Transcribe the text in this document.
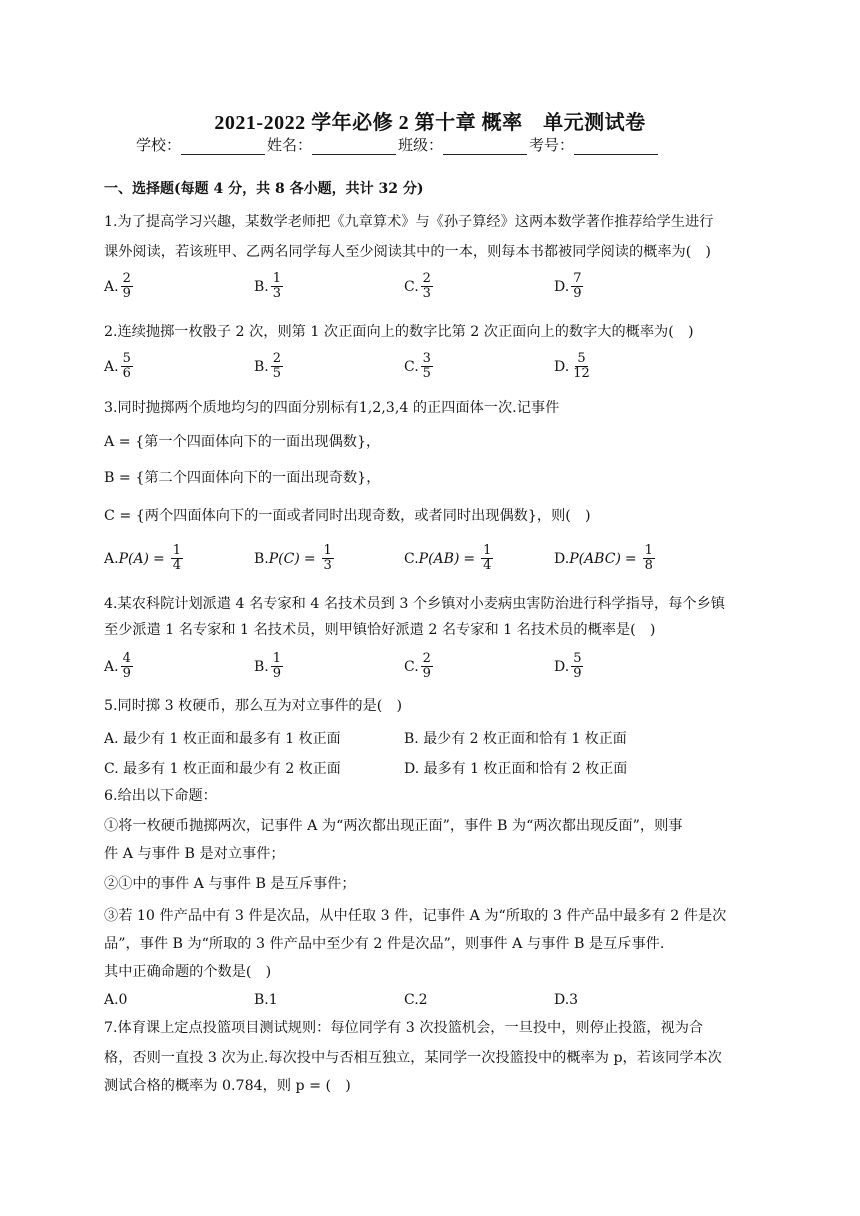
2021-2022 学年必修 2 第十章 概率　单元测试卷
学校：	姓名：	班级：	考号：
一、选择题(每题 4 分，共 8 各小题，共计 32 分)
1.为了提高学习兴趣，某数学老师把《九章算术》与《孙子算经》这两本数学著作推荐给学生进行
课外阅读，若该班甲、乙两名同学每人至少阅读其中的一本，则每本书都被同学阅读的概率为(　)
A. $\frac{2}{9}$	B. $\frac{1}{3}$	C. $\frac{2}{3}$	D. $\frac{7}{9}$
2.连续抛掷一枚骰子 2 次，则第 1 次正面向上的数字比第 2 次正面向上的数字大的概率为(　)
A. $\frac{5}{6}$	B. $\frac{2}{5}$	C. $\frac{3}{5}$	D. $\frac{5}{12}$
3.同时抛掷两个质地均匀的四面分别标有1,2,3,4 的正四面体一次.记事件
A = {第一个四面体向下的一面出现偶数}，
B = {第二个四面体向下的一面出现奇数}，
C = {两个四面体向下的一面或者同时出现奇数，或者同时出现偶数}，则(　)
A. $P(A) = \frac{1}{4}$	B. $P(C) = \frac{1}{3}$	C. $P(AB) = \frac{1}{4}$	D. $P(ABC) = \frac{1}{8}$
4.某农科院计划派遣 4 名专家和 4 名技术员到 3 个乡镇对小麦病虫害防治进行科学指导，每个乡镇
至少派遣 1 名专家和 1 名技术员，则甲镇恰好派遣 2 名专家和 1 名技术员的概率是(　)
A. $\frac{4}{9}$	B. $\frac{1}{9}$	C. $\frac{2}{9}$	D. $\frac{5}{9}$
5.同时掷 3 枚硬币，那么互为对立事件的是(　)
A. 最少有 1 枚正面和最多有 1 枚正面	B. 最少有 2 枚正面和恰有 1 枚正面
C. 最多有 1 枚正面和最少有 2 枚正面	D. 最多有 1 枚正面和恰有 2 枚正面
6.给出以下命题：
①将一枚硬币抛掷两次，记事件 A 为“两次都出现正面”，事件 B 为“两次都出现反面”，则事
件 A 与事件 B 是对立事件；
②①中的事件 A 与事件 B 是互斥事件；
③若 10 件产品中有 3 件是次品，从中任取 3 件，记事件 A 为“所取的 3 件产品中最多有 2 件是次
品”，事件 B 为“所取的 3 件产品中至少有 2 件是次品”，则事件 A 与事件 B 是互斥事件.
其中正确命题的个数是(　)
A.0	B.1	C.2	D.3
7.体育课上定点投篮项目测试规则：每位同学有 3 次投篮机会，一旦投中，则停止投篮，视为合
格，否则一直投 3 次为止.每次投中与否相互独立，某同学一次投篮投中的概率为 p，若该同学本次
测试合格的概率为 0.784，则 p = (　)
